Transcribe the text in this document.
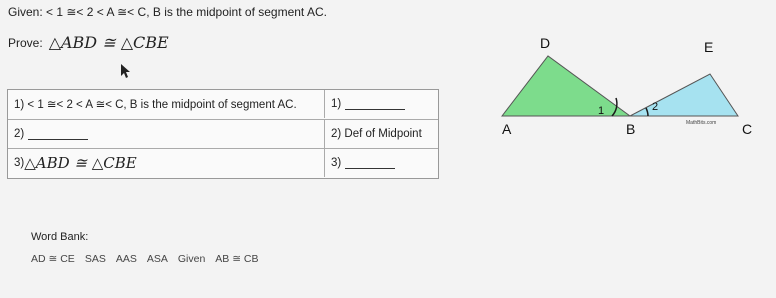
Given: < 1 ≅< 2 < A ≅< C, B is the midpoint of segment AC.
Prove: △ABD ≅ △CBE
1) < 1 ≅< 2 < A ≅< C, B is the midpoint of segment AC.	1)
2)	2) Def of Midpoint
3) △ABD ≅ △CBE	3)
Word Bank:
AD ≅ CE SAS AAS ASA Given AB ≅ CB
D	E
A	B	C
1	2
MathBits.com
